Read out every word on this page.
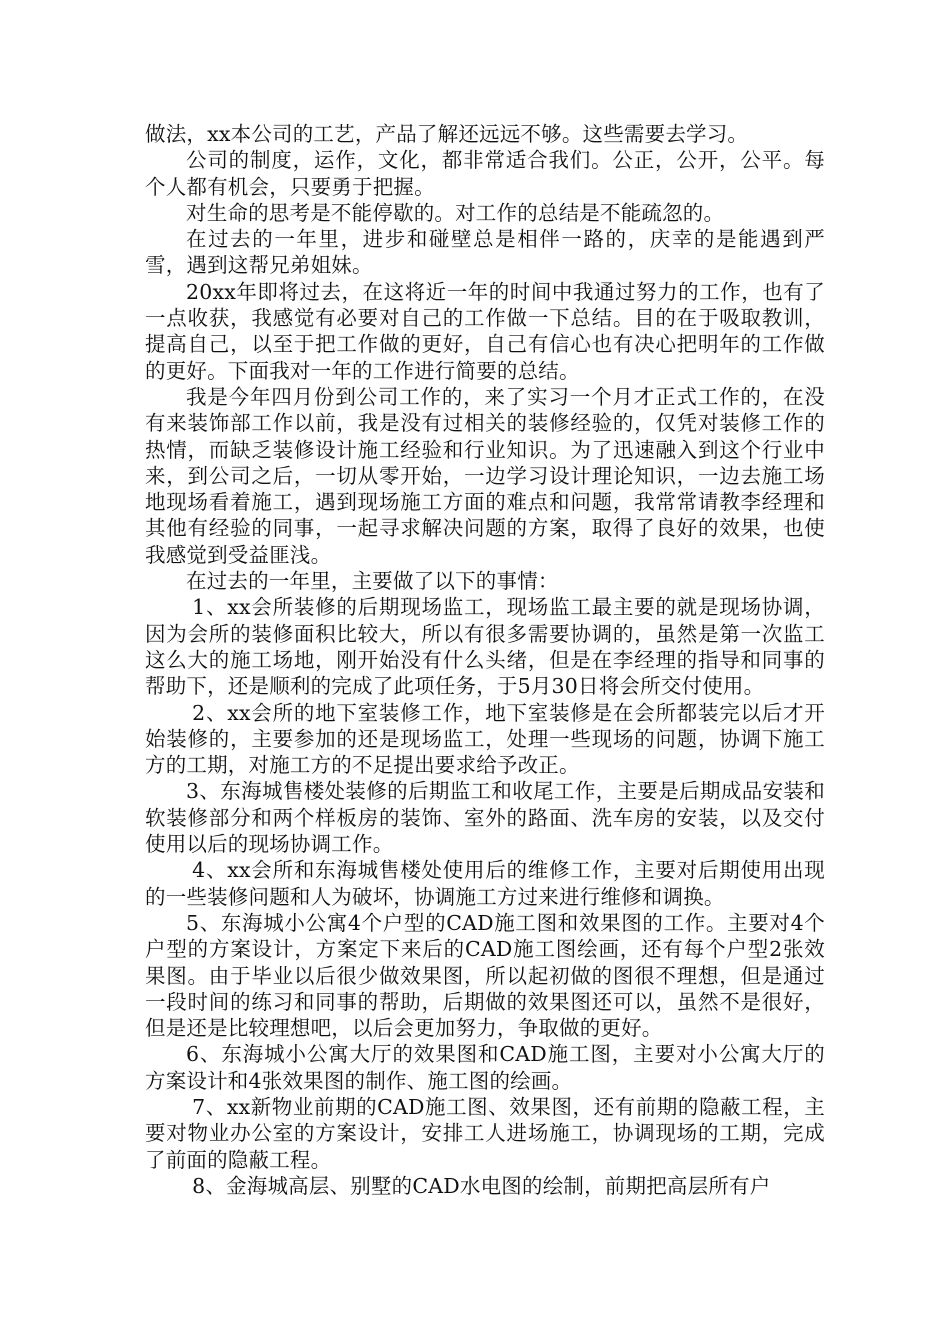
做法，xx本公司的工艺，产品了解还远远不够。这些需要去学习。

公司的制度，运作，文化，都非常适合我们。公正，公开，公平。每个人都有机会，只要勇于把握。

对生命的思考是不能停歇的。对工作的总结是不能疏忽的。

在过去的一年里，进步和碰壁总是相伴一路的，庆幸的是能遇到严雪，遇到这帮兄弟姐妹。

20xx年即将过去，在这将近一年的时间中我通过努力的工作，也有了一点收获，我感觉有必要对自己的工作做一下总结。目的在于吸取教训，提高自己，以至于把工作做的更好，自己有信心也有决心把明年的工作做的更好。下面我对一年的工作进行简要的总结。

我是今年四月份到公司工作的，来了实习一个月才正式工作的，在没有来装饰部工作以前，我是没有过相关的装修经验的，仅凭对装修工作的热情，而缺乏装修设计施工经验和行业知识。为了迅速融入到这个行业中来，到公司之后，一切从零开始，一边学习设计理论知识，一边去施工场地现场看着施工，遇到现场施工方面的难点和问题，我常常请教李经理和其他有经验的同事，一起寻求解决问题的方案，取得了良好的效果，也使我感觉到受益匪浅。

在过去的一年里，主要做了以下的事情：

1、xx会所装修的后期现场监工，现场监工最主要的就是现场协调，因为会所的装修面积比较大，所以有很多需要协调的，虽然是第一次监工这么大的施工场地，刚开始没有什么头绪，但是在李经理的指导和同事的帮助下，还是顺利的完成了此项任务，于5月30日将会所交付使用。

2、xx会所的地下室装修工作，地下室装修是在会所都装完以后才开始装修的，主要参加的还是现场监工，处理一些现场的问题，协调下施工方的工期，对施工方的不足提出要求给予改正。

3、东海城售楼处装修的后期监工和收尾工作，主要是后期成品安装和软装修部分和两个样板房的装饰、室外的路面、洗车房的安装，以及交付使用以后的现场协调工作。

4、xx会所和东海城售楼处使用后的维修工作，主要对后期使用出现的一些装修问题和人为破坏，协调施工方过来进行维修和调换。

5、东海城小公寓4个户型的CAD施工图和效果图的工作。主要对4个户型的方案设计，方案定下来后的CAD施工图绘画，还有每个户型2张效果图。由于毕业以后很少做效果图，所以起初做的图很不理想，但是通过一段时间的练习和同事的帮助，后期做的效果图还可以，虽然不是很好，但是还是比较理想吧，以后会更加努力，争取做的更好。

6、东海城小公寓大厅的效果图和CAD施工图，主要对小公寓大厅的方案设计和4张效果图的制作、施工图的绘画。

7、xx新物业前期的CAD施工图、效果图，还有前期的隐蔽工程，主要对物业办公室的方案设计，安排工人进场施工，协调现场的工期，完成了前面的隐蔽工程。

8、金海城高层、别墅的CAD水电图的绘制，前期把高层所有户
